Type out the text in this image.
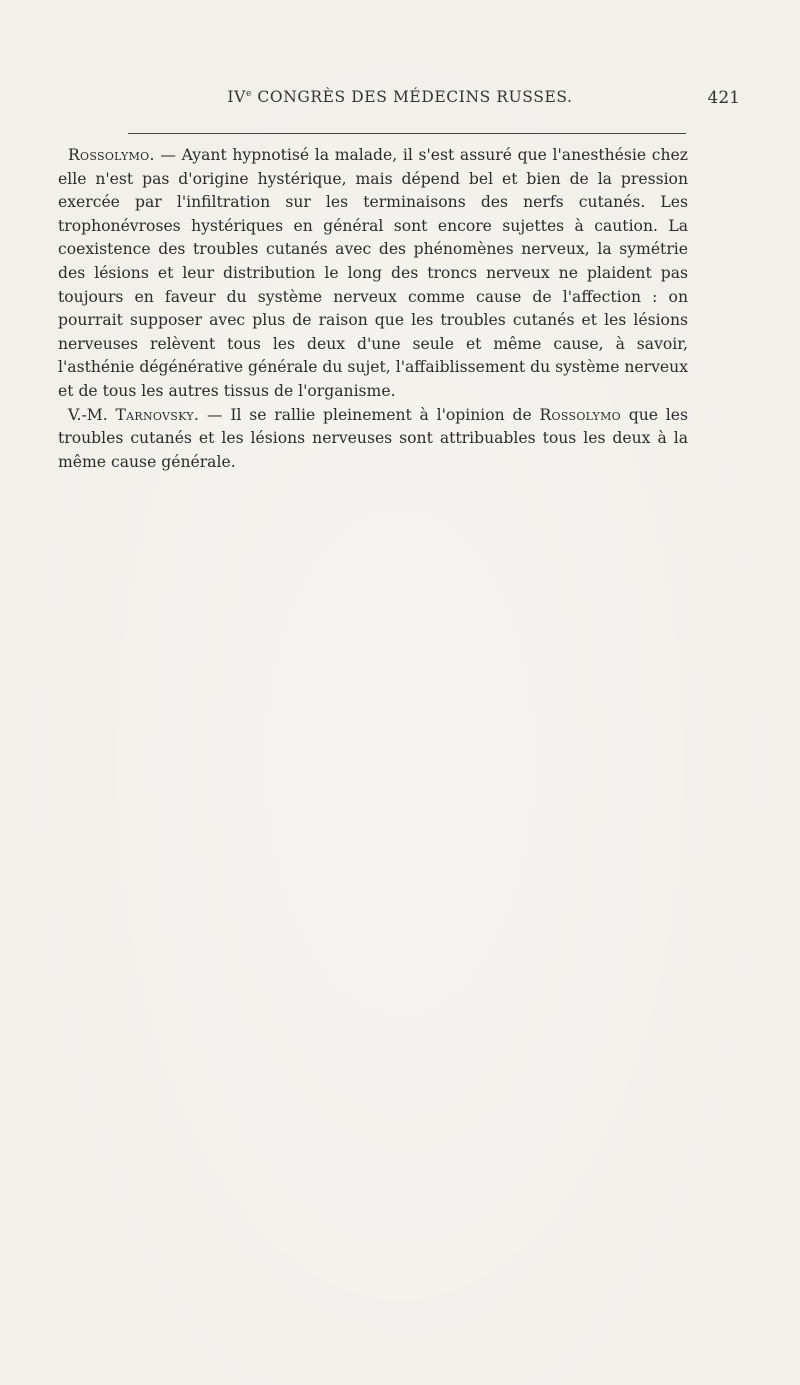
IVe CONGRÈS DES MÉDECINS RUSSES.	421

Rossolymo. — Ayant hypnotisé la malade, il s'est assuré que l'anesthésie chez elle n'est pas d'origine hystérique, mais dépend bel et bien de la pression exercée par l'infiltration sur les terminaisons des nerfs cutanés. Les trophonévroses hystériques en général sont encore sujettes à caution. La coexistence des troubles cutanés avec des phénomènes nerveux, la symétrie des lésions et leur distribution le long des troncs nerveux ne plaident pas toujours en faveur du système nerveux comme cause de l'affection : on pourrait supposer avec plus de raison que les troubles cutanés et les lésions nerveuses relèvent tous les deux d'une seule et même cause, à savoir, l'asthénie dégénérative générale du sujet, l'affaiblissement du système nerveux et de tous les autres tissus de l'organisme.

V.-M. Tarnovsky. — Il se rallie pleinement à l'opinion de Rossolymo que les troubles cutanés et les lésions nerveuses sont attribuables tous les deux à la même cause générale.
